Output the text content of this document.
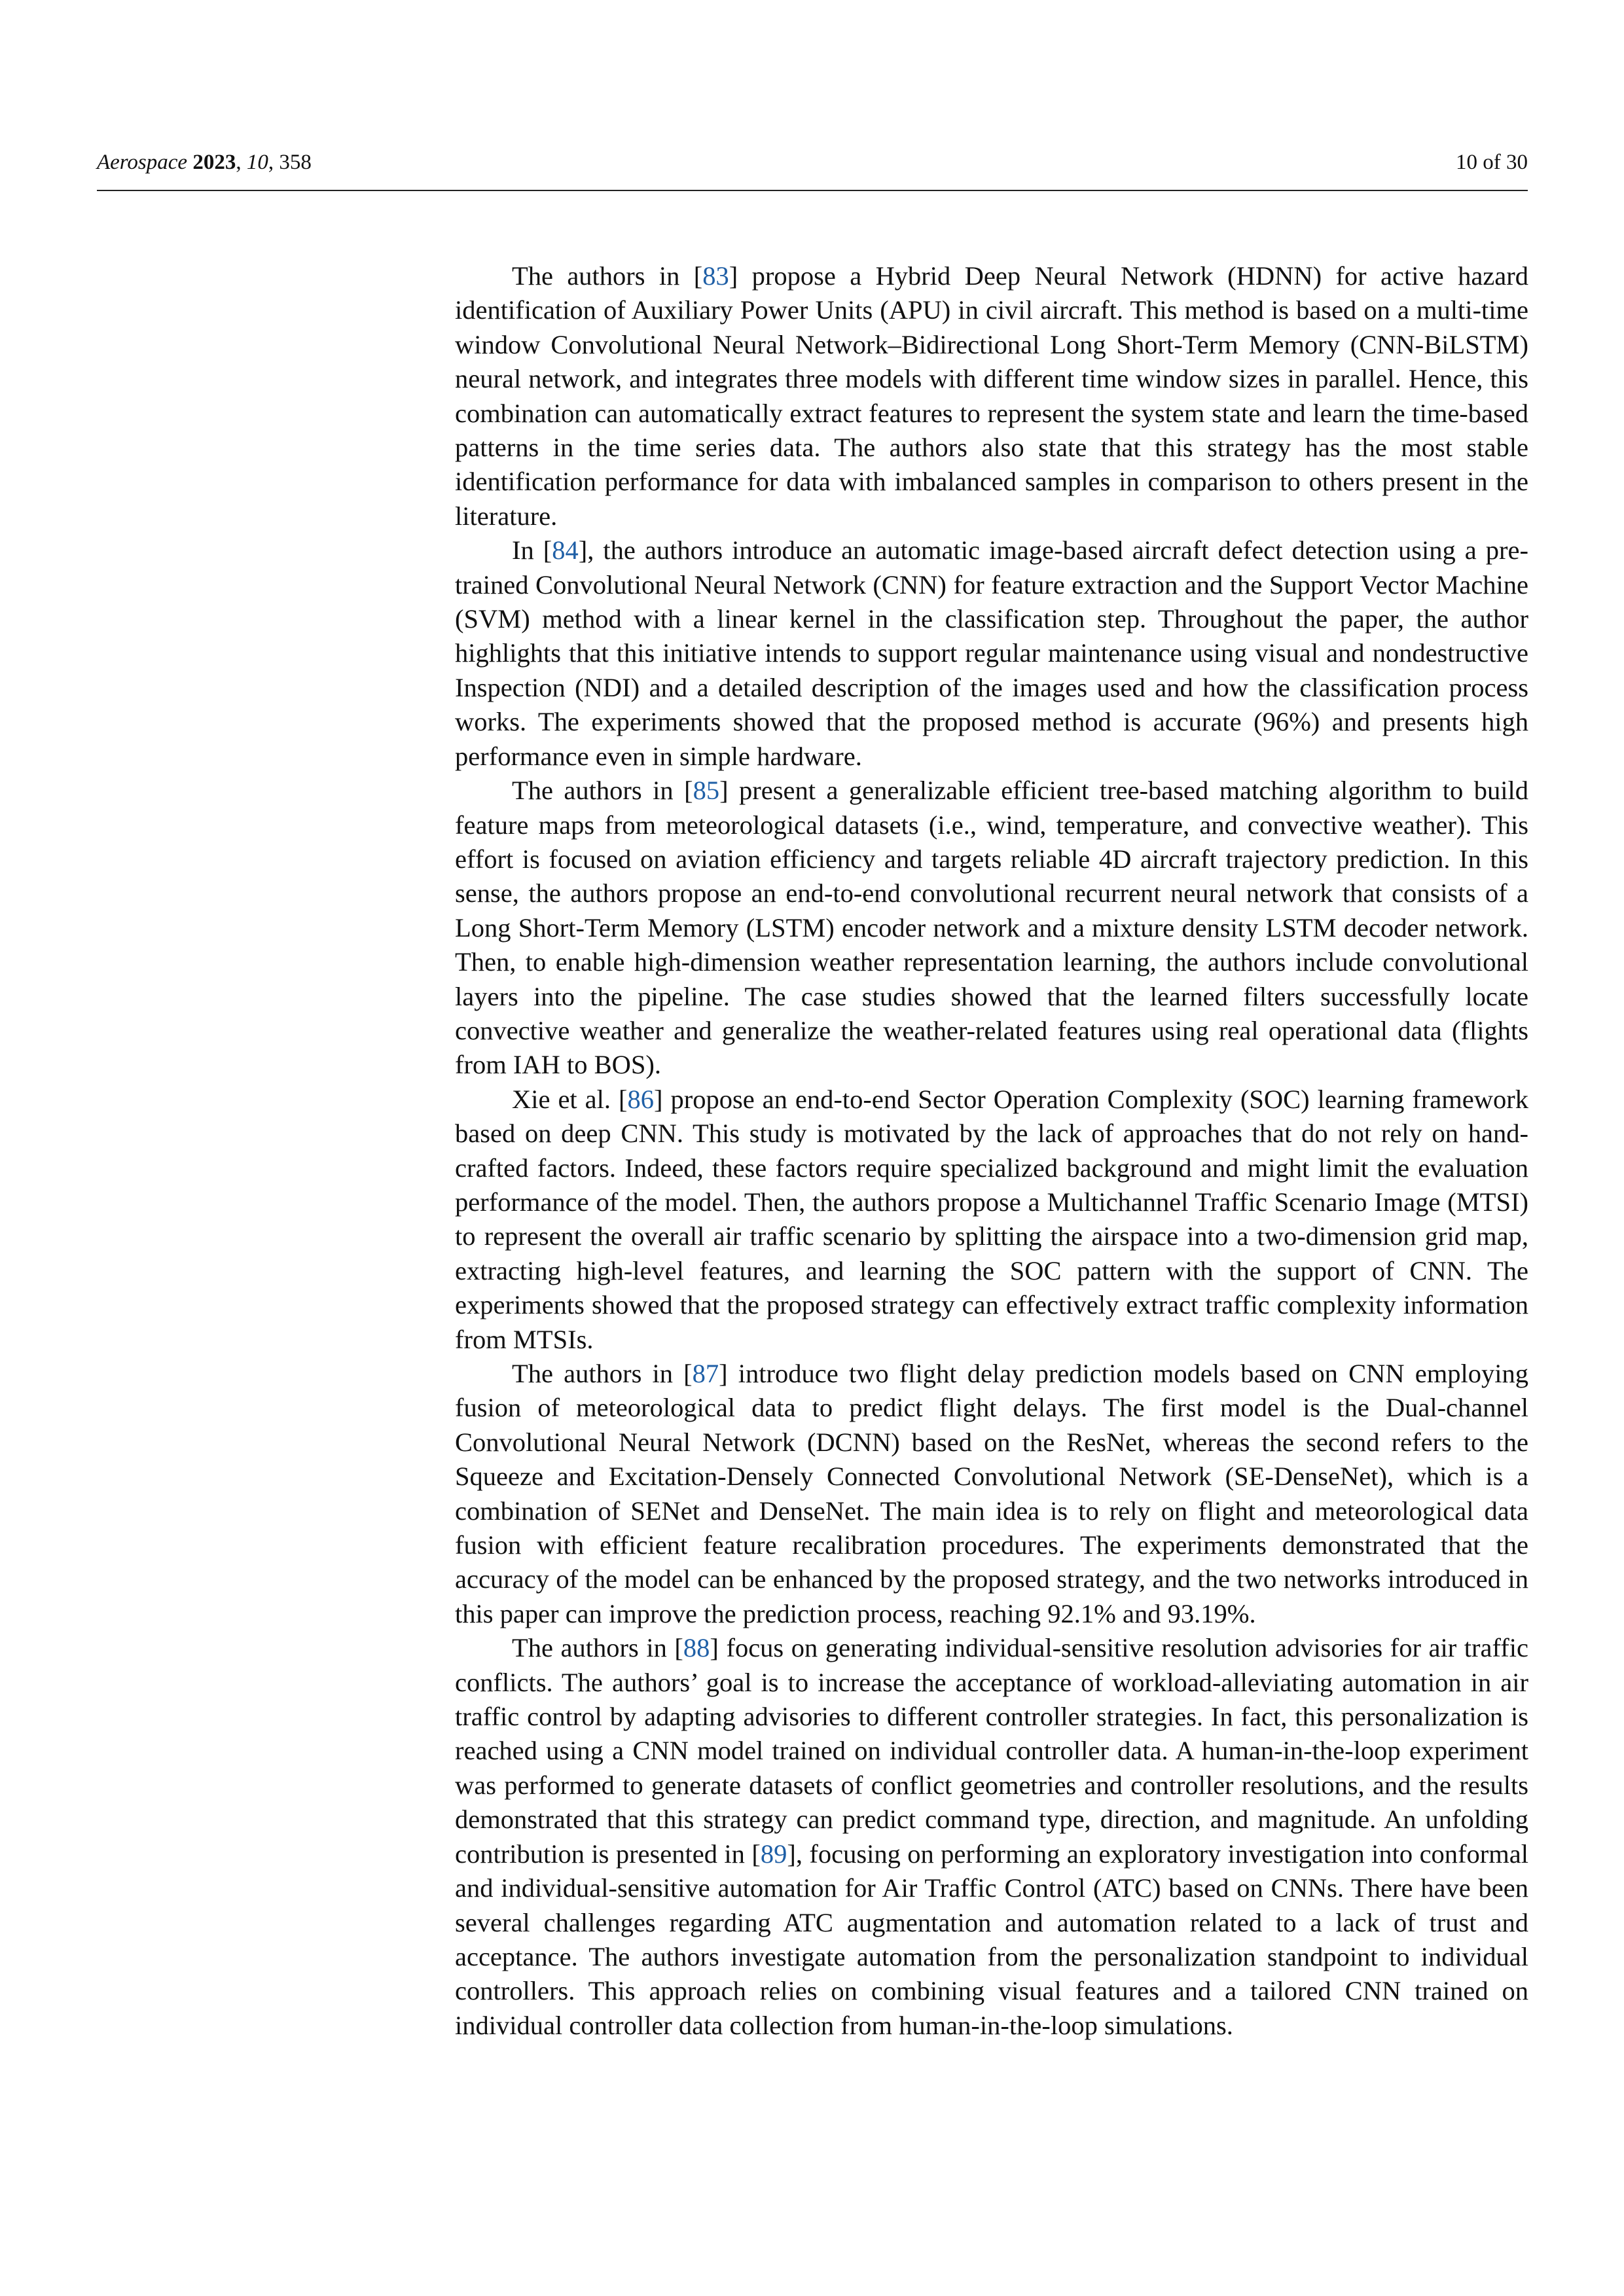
Aerospace 2023, 10, 358	10 of 30

The authors in [83] propose a Hybrid Deep Neural Network (HDNN) for active hazard identification of Auxiliary Power Units (APU) in civil aircraft. This method is based on a multi-time window Convolutional Neural Network–Bidirectional Long Short-Term Memory (CNN-BiLSTM) neural network, and integrates three models with different time window sizes in parallel. Hence, this combination can automatically extract features to represent the system state and learn the time-based patterns in the time series data. The authors also state that this strategy has the most stable identification performance for data with imbalanced samples in comparison to others present in the literature.

In [84], the authors introduce an automatic image-based aircraft defect detection using a pre-trained Convolutional Neural Network (CNN) for feature extraction and the Support Vector Machine (SVM) method with a linear kernel in the classification step. Throughout the paper, the author highlights that this initiative intends to support regular maintenance using visual and nondestructive Inspection (NDI) and a detailed description of the images used and how the classification process works. The experiments showed that the proposed method is accurate (96%) and presents high performance even in simple hardware.

The authors in [85] present a generalizable efficient tree-based matching algorithm to build feature maps from meteorological datasets (i.e., wind, temperature, and convective weather). This effort is focused on aviation efficiency and targets reliable 4D aircraft trajectory prediction. In this sense, the authors propose an end-to-end convolutional recurrent neural network that consists of a Long Short-Term Memory (LSTM) encoder network and a mixture density LSTM decoder network. Then, to enable high-dimension weather representation learning, the authors include convolutional layers into the pipeline. The case studies showed that the learned filters successfully locate convective weather and generalize the weather-related features using real operational data (flights from IAH to BOS).

Xie et al. [86] propose an end-to-end Sector Operation Complexity (SOC) learning framework based on deep CNN. This study is motivated by the lack of approaches that do not rely on hand-crafted factors. Indeed, these factors require specialized background and might limit the evaluation performance of the model. Then, the authors propose a Multichannel Traffic Scenario Image (MTSI) to represent the overall air traffic scenario by splitting the airspace into a two-dimension grid map, extracting high-level features, and learning the SOC pattern with the support of CNN. The experiments showed that the proposed strategy can effectively extract traffic complexity information from MTSIs.

The authors in [87] introduce two flight delay prediction models based on CNN employing fusion of meteorological data to predict flight delays. The first model is the Dual-channel Convolutional Neural Network (DCNN) based on the ResNet, whereas the second refers to the Squeeze and Excitation-Densely Connected Convolutional Network (SE-DenseNet), which is a combination of SENet and DenseNet. The main idea is to rely on flight and meteorological data fusion with efficient feature recalibration procedures. The experiments demonstrated that the accuracy of the model can be enhanced by the proposed strategy, and the two networks introduced in this paper can improve the prediction process, reaching 92.1% and 93.19%.

The authors in [88] focus on generating individual-sensitive resolution advisories for air traffic conflicts. The authors’ goal is to increase the acceptance of workload-alleviating automation in air traffic control by adapting advisories to different controller strategies. In fact, this personalization is reached using a CNN model trained on individual controller data. A human-in-the-loop experiment was performed to generate datasets of conflict geometries and controller resolutions, and the results demonstrated that this strategy can predict command type, direction, and magnitude. An unfolding contribution is presented in [89], focusing on performing an exploratory investigation into conformal and individual-sensitive automation for Air Traffic Control (ATC) based on CNNs. There have been several challenges regarding ATC augmentation and automation related to a lack of trust and acceptance. The authors investigate automation from the personalization standpoint to individual controllers. This approach relies on combining visual features and a tailored CNN trained on individual controller data collection from human-in-the-loop simulations.
